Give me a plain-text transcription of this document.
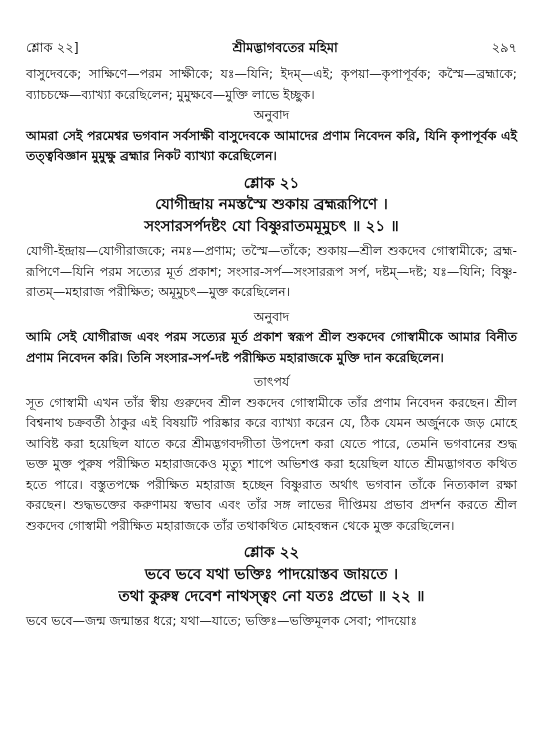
শ্লোক ২২]	শ্রীমদ্ভাগবতের মহিমা	২৯৭

বাসুদেবকে; সাক্ষিণে—পরম সাক্ষীকে; যঃ—যিনি; ইদম্—এই; কৃপয়া—কৃপাপূর্বক; কস্মৈ—ব্রহ্মাকে; ব্যাচচক্ষে—ব্যাখ্যা করেছিলেন; মুমুক্ষবে—মুক্তি লাভে ইচ্ছুক।

অনুবাদ

আমরা সেই পরমেশ্বর ভগবান সর্বসাক্ষী বাসুদেবকে আমাদের প্রণাম নিবেদন করি, যিনি কৃপাপূর্বক এই তত্ত্ববিজ্ঞান মুমুক্ষু ব্রহ্মার নিকট ব্যাখ্যা করেছিলেন।

শ্লোক ২১
যোগীন্দ্রায় নমস্তস্মৈ শুকায় ব্রহ্মরূপিণে ।
সংসারসর্পদষ্টং যো বিষ্ণুরাতমমূমুচৎ ॥ ২১ ॥

যোগী-ইন্দ্রায়—যোগীরাজকে; নমঃ—প্রণাম; তস্মৈ—তাঁকে; শুকায়—শ্রীল শুকদেব গোস্বামীকে; ব্রহ্ম-রূপিণে—যিনি পরম সত্যের মূর্ত প্রকাশ; সংসার-সর্প—সংসাররূপ সর্প, দষ্টম্—দষ্ট; যঃ—যিনি; বিষ্ণু-রাতম্—মহারাজ পরীক্ষিত; অমূমুচৎ—মুক্ত করেছিলেন।

অনুবাদ

আমি সেই যোগীরাজ এবং পরম সত্যের মূর্ত প্রকাশ স্বরূপ শ্রীল শুকদেব গোস্বামীকে আমার বিনীত প্রণাম নিবেদন করি। তিনি সংসার-সর্প-দষ্ট পরীক্ষিত মহারাজকে মুক্তি দান করেছিলেন।

তাৎপর্য

সূত গোস্বামী এখন তাঁর স্বীয় গুরুদেব শ্রীল শুকদেব গোস্বামীকে তাঁর প্রণাম নিবেদন করছেন। শ্রীল বিশ্বনাথ চক্রবর্তী ঠাকুর এই বিষয়টি পরিষ্কার করে ব্যাখ্যা করেন যে, ঠিক যেমন অর্জুনকে জড় মোহে আবিষ্ট করা হয়েছিল যাতে করে শ্রীমদ্ভগবদ্গীতা উপদেশ করা যেতে পারে, তেমনি ভগবানের শুদ্ধ ভক্ত মুক্ত পুরুষ পরীক্ষিত মহারাজকেও মৃত্যু শাপে অভিশপ্ত করা হয়েছিল যাতে শ্রীমদ্ভাগবত কথিত হতে পারে। বস্তুতপক্ষে পরীক্ষিত মহারাজ হচ্ছেন বিষ্ণুরাত অর্থাৎ ভগবান তাঁকে নিত্যকাল রক্ষা করছেন। শুদ্ধভক্তের করুণাময় স্বভাব এবং তাঁর সঙ্গ লাভের দীপ্তিময় প্রভাব প্রদর্শন করতে শ্রীল শুকদেব গোস্বামী পরীক্ষিত মহারাজকে তাঁর তথাকথিত মোহবন্ধন থেকে মুক্ত করেছিলেন।

শ্লোক ২২
ভবে ভবে যথা ভক্তিঃ পাদয়োস্তব জায়তে ।
তথা কুরুষ্ব দেবেশ নাথস্ত্বং নো যতঃ প্রভো ॥ ২২ ॥

ভবে ভবে—জন্ম জন্মান্তর ধরে; যথা—যাতে; ভক্তিঃ—ভক্তিমূলক সেবা; পাদয়োঃ
